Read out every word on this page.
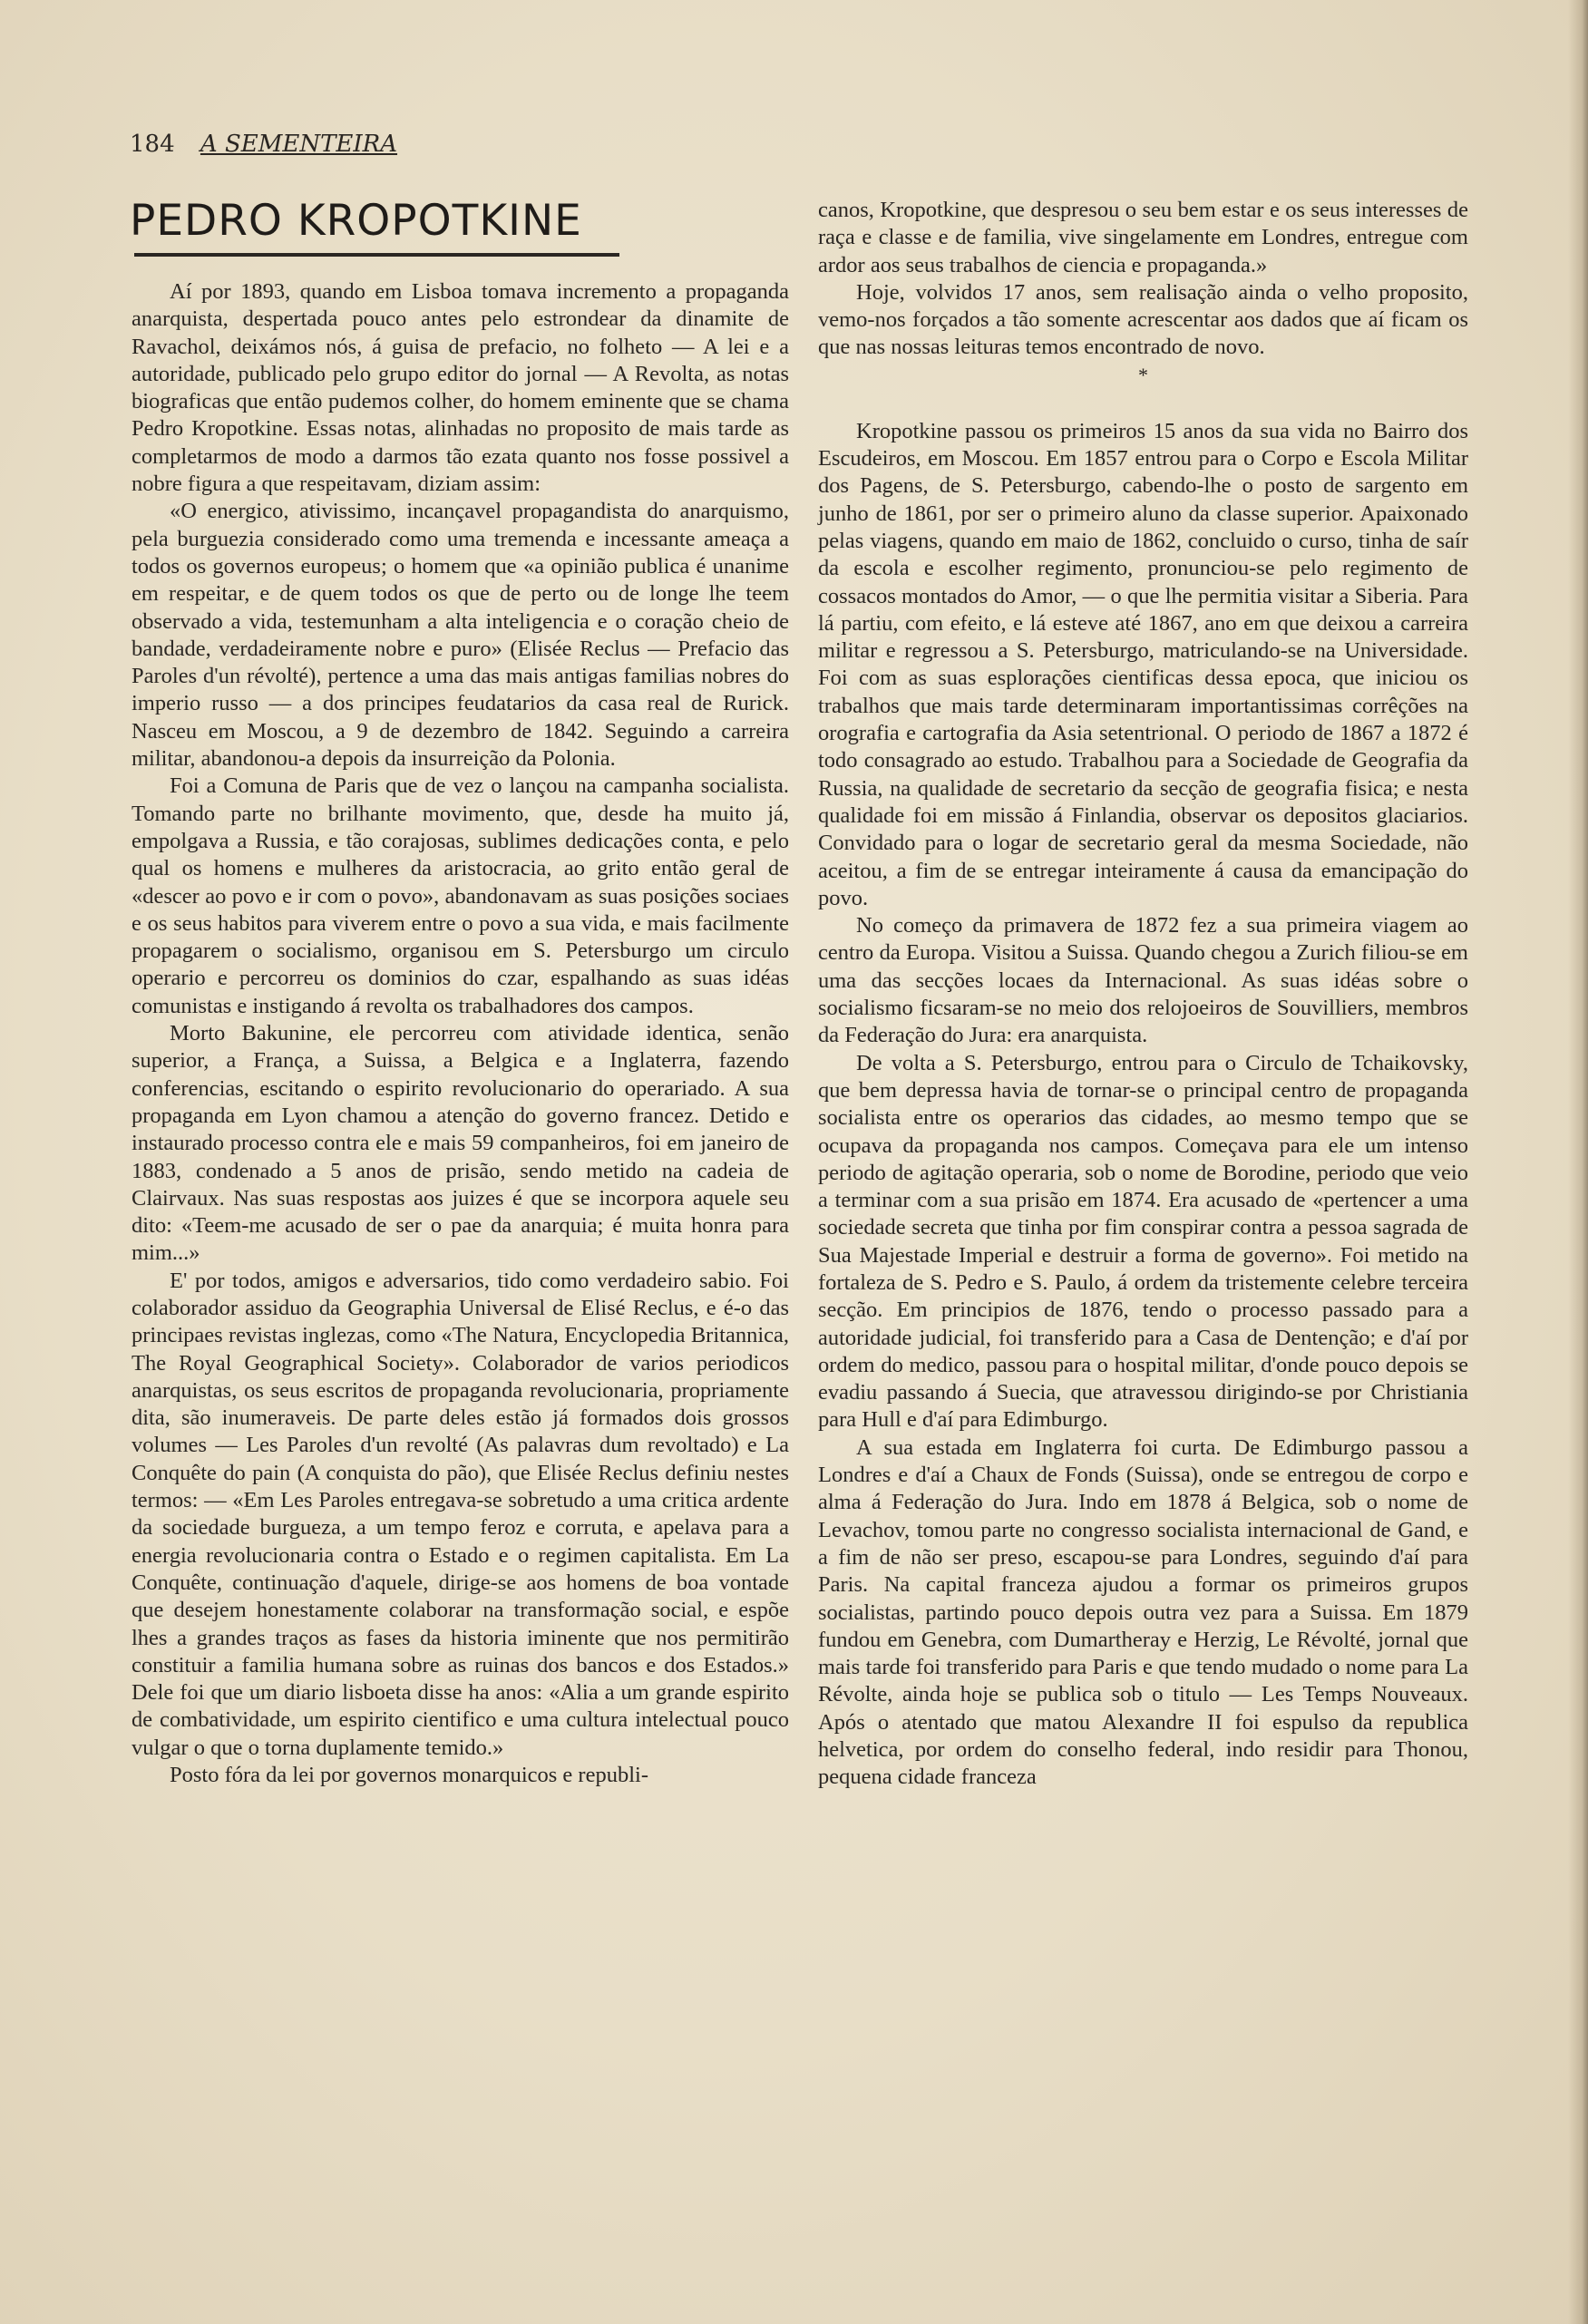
184 A SEMENTEIRA
PEDRO KROPOTKINE

Aí por 1893, quando em Lisboa tomava incremento a propaganda anarquista, despertada pouco antes pelo estrondear da dinamite de Ravachol, deixámos nós, á guisa de prefacio, no folheto — A lei e a autoridade, publicado pelo grupo editor do jornal — A Revolta, as notas biograficas que então pudemos colher, do homem eminente que se chama Pedro Kropotkine. Essas notas, alinhadas no proposito de mais tarde as completarmos de modo a darmos tão ezata quanto nos fosse possivel a nobre figura a que respeitavam, diziam assim:

«O energico, ativissimo, incançavel propagandista do anarquismo, pela burguezia considerado como uma tremenda e incessante ameaça a todos os governos europeus; o homem que «a opinião publica é unanime em respeitar, e de quem todos os que de perto ou de longe lhe teem observado a vida, testemunham a alta inteligencia e o coração cheio de bandade, verdadeiramente nobre e puro» (Elisée Reclus — Prefacio das Paroles d'un révolté), pertence a uma das mais antigas familias nobres do imperio russo — a dos principes feudatarios da casa real de Rurick. Nasceu em Moscou, a 9 de dezembro de 1842. Seguindo a carreira militar, abandonou-a depois da insurreição da Polonia.

Foi a Comuna de Paris que de vez o lançou na campanha socialista. Tomando parte no brilhante movimento, que, desde ha muito já, empolgava a Russia, e tão corajosas, sublimes dedicações conta, e pelo qual os homens e mulheres da aristocracia, ao grito então geral de «descer ao povo e ir com o povo», abandonavam as suas posições sociaes e os seus habitos para viverem entre o povo a sua vida, e mais facilmente propagarem o socialismo, organisou em S. Petersburgo um circulo operario e percorreu os dominios do czar, espalhando as suas idéas comunistas e instigando á revolta os trabalhadores dos campos.

Morto Bakunine, ele percorreu com atividade identica, senão superior, a França, a Suissa, a Belgica e a Inglaterra, fazendo conferencias, escitando o espirito revolucionario do operariado. A sua propaganda em Lyon chamou a atenção do governo francez. Detido e instaurado processo contra ele e mais 59 companheiros, foi em janeiro de 1883, condenado a 5 anos de prisão, sendo metido na cadeia de Clairvaux. Nas suas respostas aos juizes é que se incorpora aquele seu dito: «Teem-me acusado de ser o pae da anarquia; é muita honra para mim...»

E' por todos, amigos e adversarios, tido como verdadeiro sabio. Foi colaborador assiduo da Geographia Universal de Elisé Reclus, e é-o das principaes revistas inglezas, como «The Natura, Encyclopedia Britannica, The Royal Geographical Society». Colaborador de varios periodicos anarquistas, os seus escritos de propaganda revolucionaria, propriamente dita, são inumeraveis. De parte deles estão já formados dois grossos volumes — Les Paroles d'un revolté (As palavras dum revoltado) e La Conquête do pain (A conquista do pão), que Elisée Reclus definiu nestes termos: — «Em Les Paroles entregava-se sobretudo a uma critica ardente da sociedade burgueza, a um tempo feroz e corruta, e apelava para a energia revolucionaria contra o Estado e o regimen capitalista. Em La Conquête, continuação d'aquele, dirige-se aos homens de boa vontade que desejem honestamente colaborar na transformação social, e espõe lhes a grandes traços as fases da historia iminente que nos permitirão constituir a familia humana sobre as ruinas dos bancos e dos Estados.» Dele foi que um diario lisboeta disse ha anos: «Alia a um grande espirito de combatividade, um espirito cientifico e uma cultura intelectual pouco vulgar o que o torna duplamente temido.»

Posto fóra da lei por governos monarquicos e republi-

canos, Kropotkine, que despresou o seu bem estar e os seus interesses de raça e classe e de familia, vive singelamente em Londres, entregue com ardor aos seus trabalhos de ciencia e propaganda.»

Hoje, volvidos 17 anos, sem realisação ainda o velho proposito, vemo-nos forçados a tão somente acrescentar aos dados que aí ficam os que nas nossas leituras temos encontrado de novo.

*

Kropotkine passou os primeiros 15 anos da sua vida no Bairro dos Escudeiros, em Moscou. Em 1857 entrou para o Corpo e Escola Militar dos Pagens, de S. Petersburgo, cabendo-lhe o posto de sargento em junho de 1861, por ser o primeiro aluno da classe superior. Apaixonado pelas viagens, quando em maio de 1862, concluido o curso, tinha de saír da escola e escolher regimento, pronunciou-se pelo regimento de cossacos montados do Amor, — o que lhe permitia visitar a Siberia. Para lá partiu, com efeito, e lá esteve até 1867, ano em que deixou a carreira militar e regressou a S. Petersburgo, matriculando-se na Universidade. Foi com as suas esplorações cientificas dessa epoca, que iniciou os trabalhos que mais tarde determinaram importantissimas corrêções na orografia e cartografia da Asia setentrional. O periodo de 1867 a 1872 é todo consagrado ao estudo. Trabalhou para a Sociedade de Geografia da Russia, na qualidade de secretario da secção de geografia fisica; e nesta qualidade foi em missão á Finlandia, observar os depositos glaciarios. Convidado para o logar de secretario geral da mesma Sociedade, não aceitou, a fim de se entregar inteiramente á causa da emancipação do povo.

No começo da primavera de 1872 fez a sua primeira viagem ao centro da Europa. Visitou a Suissa. Quando chegou a Zurich filiou-se em uma das secções locaes da Internacional. As suas idéas sobre o socialismo ficsaram-se no meio dos relojoeiros de Souvilliers, membros da Federação do Jura: era anarquista.

De volta a S. Petersburgo, entrou para o Circulo de Tchaikovsky, que bem depressa havia de tornar-se o principal centro de propaganda socialista entre os operarios das cidades, ao mesmo tempo que se ocupava da propaganda nos campos. Começava para ele um intenso periodo de agitação operaria, sob o nome de Borodine, periodo que veio a terminar com a sua prisão em 1874. Era acusado de «pertencer a uma sociedade secreta que tinha por fim conspirar contra a pessoa sagrada de Sua Majestade Imperial e destruir a forma de governo». Foi metido na fortaleza de S. Pedro e S. Paulo, á ordem da tristemente celebre terceira secção. Em principios de 1876, tendo o processo passado para a autoridade judicial, foi transferido para a Casa de Dentenção; e d'aí por ordem do medico, passou para o hospital militar, d'onde pouco depois se evadiu passando á Suecia, que atravessou dirigindo-se por Christiania para Hull e d'aí para Edimburgo.

A sua estada em Inglaterra foi curta. De Edimburgo passou a Londres e d'aí a Chaux de Fonds (Suissa), onde se entregou de corpo e alma á Federação do Jura. Indo em 1878 á Belgica, sob o nome de Levachov, tomou parte no congresso socialista internacional de Gand, e a fim de não ser preso, escapou-se para Londres, seguindo d'aí para Paris. Na capital franceza ajudou a formar os primeiros grupos socialistas, partindo pouco depois outra vez para a Suissa. Em 1879 fundou em Genebra, com Dumartheray e Herzig, Le Révolté, jornal que mais tarde foi transferido para Paris e que tendo mudado o nome para La Révolte, ainda hoje se publica sob o titulo — Les Temps Nouveaux. Após o atentado que matou Alexandre II foi espulso da republica helvetica, por ordem do conselho federal, indo residir para Thonou, pequena cidade franceza
